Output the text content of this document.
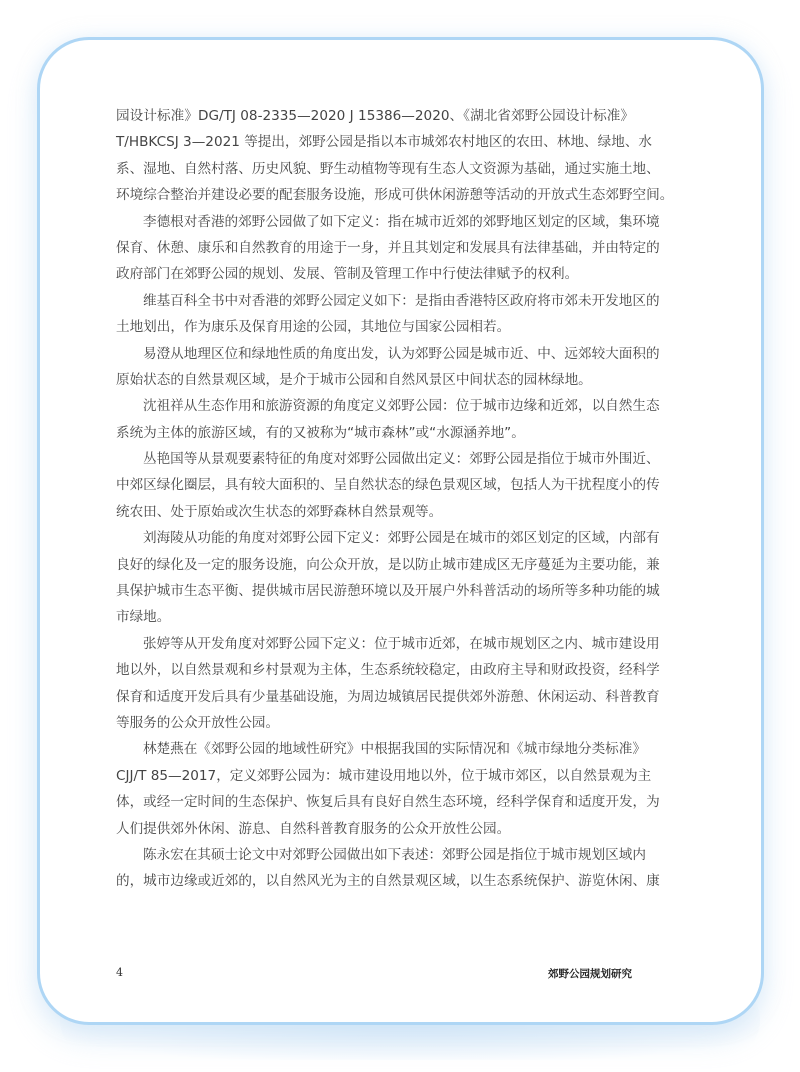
园设计标准》DG/TJ 08-2335—2020 J 15386—2020、《湖北省郊野公园设计标准》
T/HBKCSJ 3—2021 等提出，郊野公园是指以本市城郊农村地区的农田、林地、绿地、水
系、湿地、自然村落、历史风貌、野生动植物等现有生态人文资源为基础，通过实施土地、
环境综合整治并建设必要的配套服务设施，形成可供休闲游憩等活动的开放式生态郊野空间。
李德根对香港的郊野公园做了如下定义：指在城市近郊的郊野地区划定的区域，集环境
保育、休憩、康乐和自然教育的用途于一身，并且其划定和发展具有法律基础，并由特定的
政府部门在郊野公园的规划、发展、管制及管理工作中行使法律赋予的权利。
维基百科全书中对香港的郊野公园定义如下：是指由香港特区政府将市郊未开发地区的
土地划出，作为康乐及保育用途的公园，其地位与国家公园相若。
易澄从地理区位和绿地性质的角度出发，认为郊野公园是城市近、中、远郊较大面积的
原始状态的自然景观区域，是介于城市公园和自然风景区中间状态的园林绿地。
沈祖祥从生态作用和旅游资源的角度定义郊野公园：位于城市边缘和近郊，以自然生态
系统为主体的旅游区域，有的又被称为“城市森林”或“水源涵养地”。
丛艳国等从景观要素特征的角度对郊野公园做出定义：郊野公园是指位于城市外围近、
中郊区绿化圈层，具有较大面积的、呈自然状态的绿色景观区域，包括人为干扰程度小的传
统农田、处于原始或次生状态的郊野森林自然景观等。
刘海陵从功能的角度对郊野公园下定义：郊野公园是在城市的郊区划定的区域，内部有
良好的绿化及一定的服务设施，向公众开放，是以防止城市建成区无序蔓延为主要功能，兼
具保护城市生态平衡、提供城市居民游憩环境以及开展户外科普活动的场所等多种功能的城
市绿地。
张婷等从开发角度对郊野公园下定义：位于城市近郊，在城市规划区之内、城市建设用
地以外，以自然景观和乡村景观为主体，生态系统较稳定，由政府主导和财政投资，经科学
保育和适度开发后具有少量基础设施，为周边城镇居民提供郊外游憩、休闲运动、科普教育
等服务的公众开放性公园。
林楚燕在《郊野公园的地域性研究》中根据我国的实际情况和《城市绿地分类标准》
CJJ/T 85—2017，定义郊野公园为：城市建设用地以外，位于城市郊区，以自然景观为主
体，或经一定时间的生态保护、恢复后具有良好自然生态环境，经科学保育和适度开发，为
人们提供郊外休闲、游息、自然科普教育服务的公众开放性公园。
陈永宏在其硕士论文中对郊野公园做出如下表述：郊野公园是指位于城市规划区域内
的，城市边缘或近郊的，以自然风光为主的自然景观区域，以生态系统保护、游览休闲、康
4	郊野公园规划研究
